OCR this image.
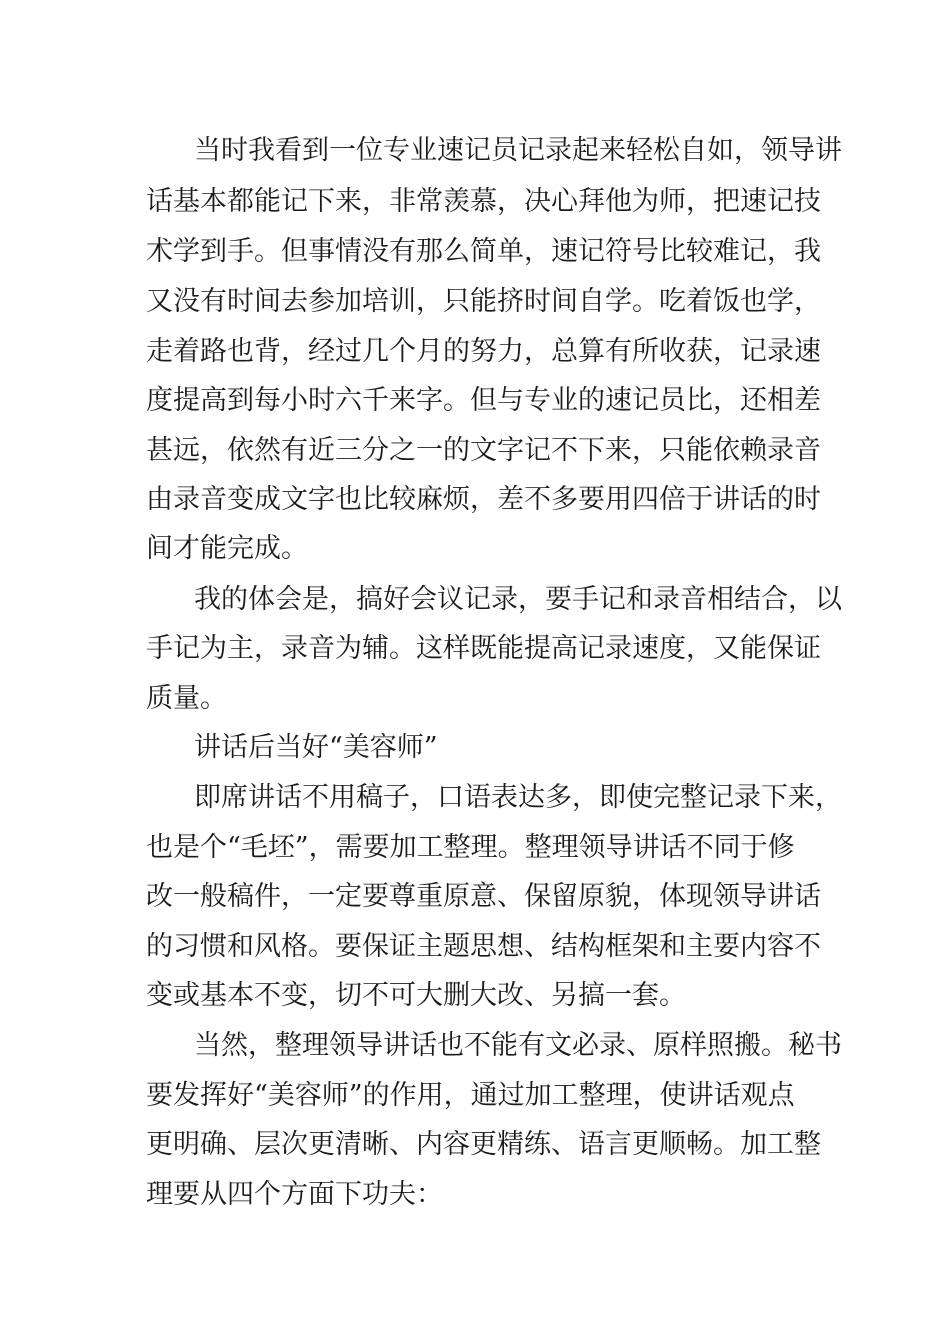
当时我看到一位专业速记员记录起来轻松自如，领导讲
话基本都能记下来，非常羡慕，决心拜他为师，把速记技
术学到手。但事情没有那么简单，速记符号比较难记，我
又没有时间去参加培训，只能挤时间自学。吃着饭也学，
走着路也背，经过几个月的努力，总算有所收获，记录速
度提高到每小时六千来字。但与专业的速记员比，还相差
甚远，依然有近三分之一的文字记不下来，只能依赖录音
由录音变成文字也比较麻烦，差不多要用四倍于讲话的时
间才能完成。
我的体会是，搞好会议记录，要手记和录音相结合，以
手记为主，录音为辅。这样既能提高记录速度，又能保证
质量。
讲话后当好“美容师”
即席讲话不用稿子，口语表达多，即使完整记录下来，
也是个“毛坯”，需要加工整理。整理领导讲话不同于修
改一般稿件，一定要尊重原意、保留原貌，体现领导讲话
的习惯和风格。要保证主题思想、结构框架和主要内容不
变或基本不变，切不可大删大改、另搞一套。
当然，整理领导讲话也不能有文必录、原样照搬。秘书
要发挥好“美容师”的作用，通过加工整理，使讲话观点
更明确、层次更清晰、内容更精练、语言更顺畅。加工整
理要从四个方面下功夫：
